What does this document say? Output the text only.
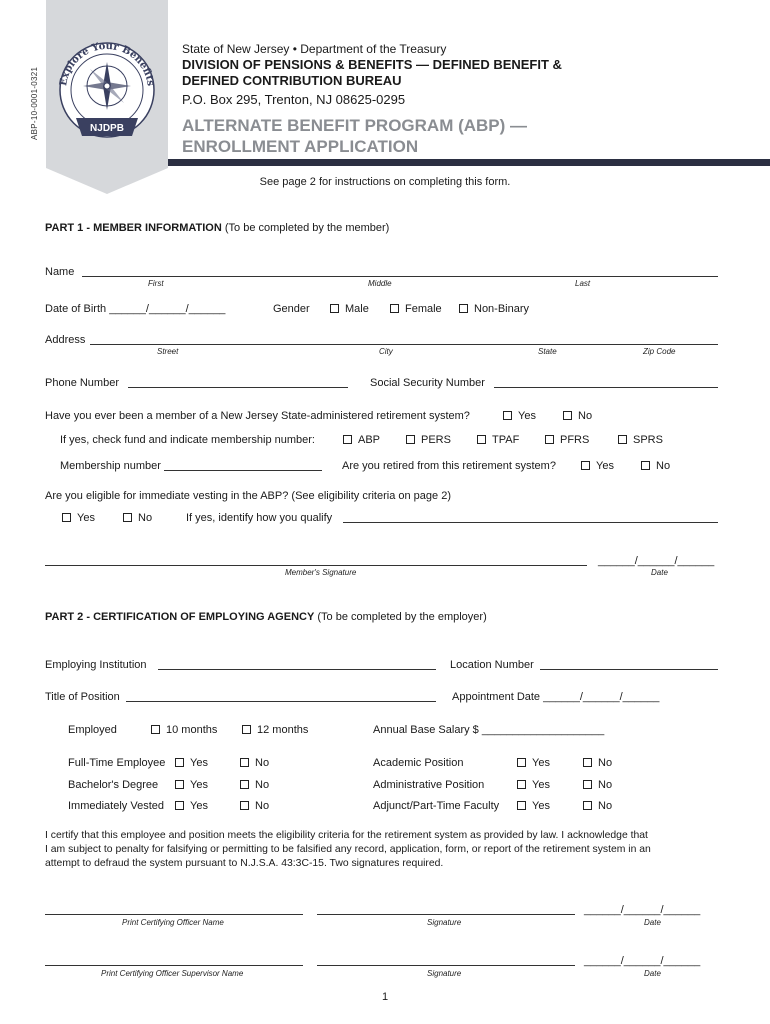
ABP-10-0001-0321 Explore Your Benefits
NJDPB
State of New Jersey • Department of the Treasury
DIVISION OF PENSIONS & BENEFITS — DEFINED BENEFIT &
DEFINED CONTRIBUTION BUREAU
P.O. Box 295, Trenton, NJ 08625-0295
ALTERNATE BENEFIT PROGRAM (ABP) —
ENROLLMENT APPLICATION
See page 2 for instructions on completing this form.
PART 1 - MEMBER INFORMATION (To be completed by the member)
Name
First	Middle	Last
Date of Birth ______/______/______	Gender	Male	Female	Non-Binary
Address
Street	City	State	Zip Code
Phone Number	Social Security Number
Have you ever been a member of a New Jersey State-administered retirement system?	Yes	No
If yes, check fund and indicate membership number:	ABP	PERS	TPAF	PFRS	SPRS
Membership number	Are you retired from this retirement system?	Yes	No
Are you eligible for immediate vesting in the ABP? (See eligibility criteria on page 2)
Yes	No	If yes, identify how you qualify
Member's Signature
______/______/______
Date
PART 2 - CERTIFICATION OF EMPLOYING AGENCY (To be completed by the employer)
Employing Institution	Location Number
Title of Position	Appointment Date ______/______/______
Employed	10 months	12 months	Annual Base Salary $ ____________________
Full-Time Employee	Yes	No
Bachelor's Degree	Yes	No
Immediately Vested	Yes	No
Academic Position	Yes	No
Administrative Position	Yes	No
Adjunct/Part-Time Faculty	Yes	No
I certify that this employee and position meets the eligibility criteria for the retirement system as provided by law. I acknowledge that
I am subject to penalty for falsifying or permitting to be falsified any record, application, form, or report of the retirement system in an
attempt to defraud the system pursuant to N.J.S.A. 43:3C-15. Two signatures required.
Print Certifying Officer Name	Signature
______/______/______
Date
Print Certifying Officer Supervisor Name	Signature
______/______/______
Date
1
